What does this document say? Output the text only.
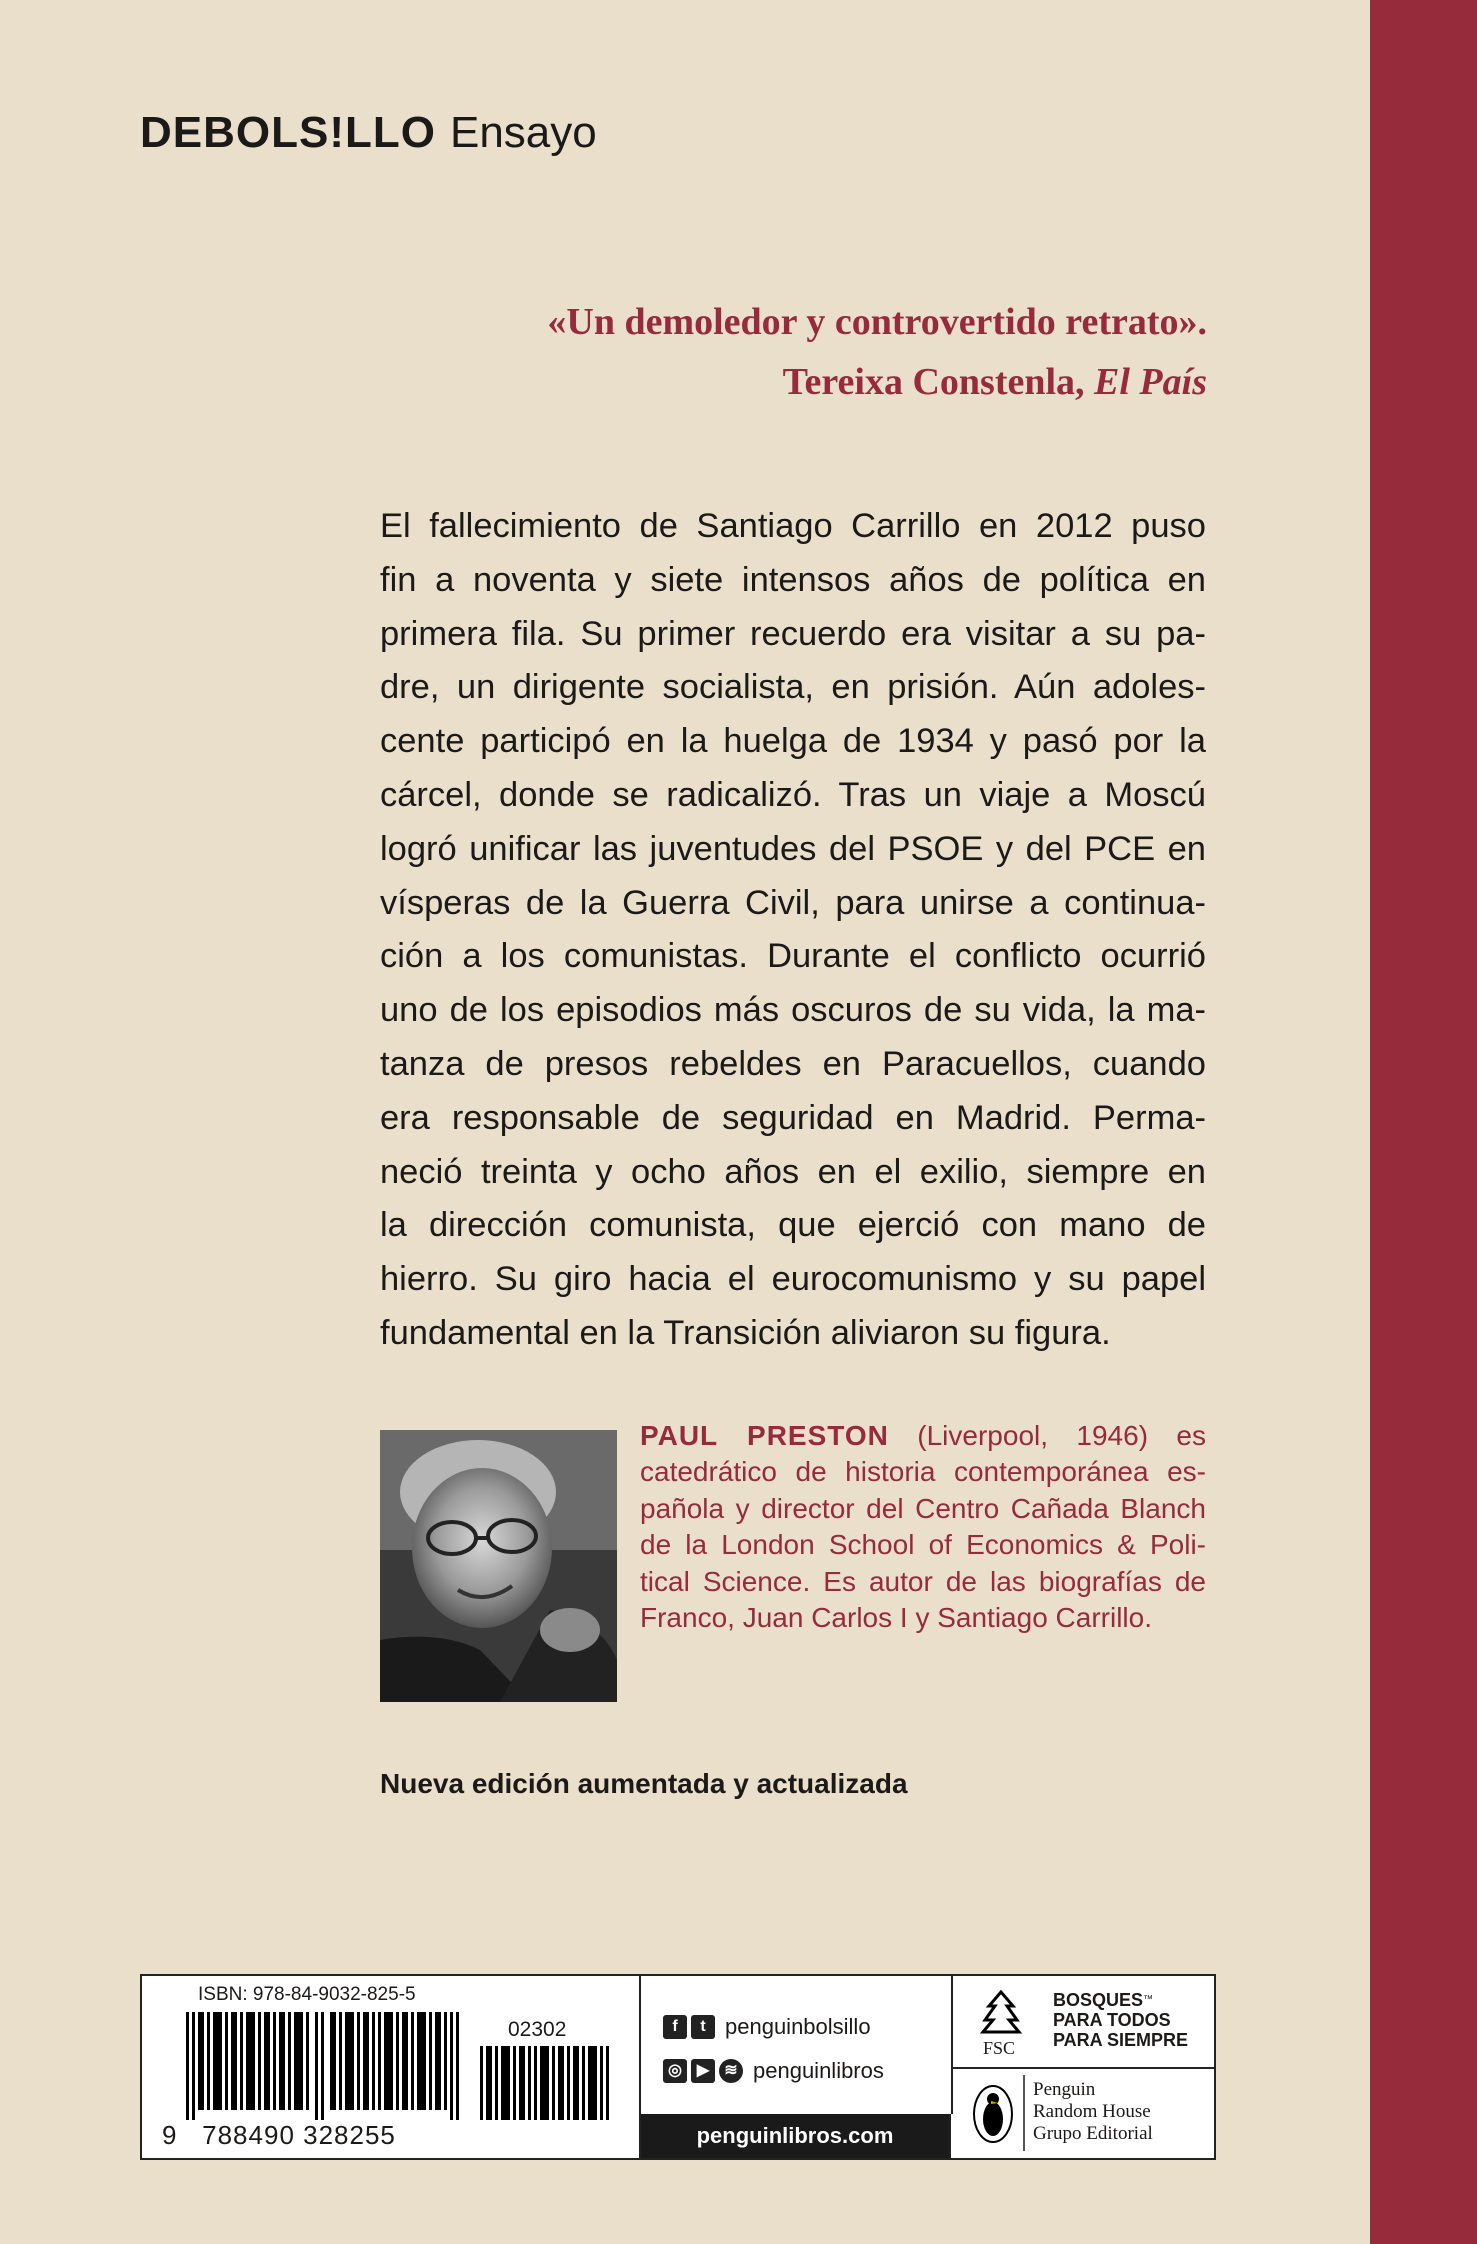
DEBOLS!LLO Ensayo
«Un demoledor y controvertido retrato».
Tereixa Constenla, El País
El fallecimiento de Santiago Carrillo en 2012 puso
fin a noventa y siete intensos años de política en
primera fila. Su primer recuerdo era visitar a su pa-
dre, un dirigente socialista, en prisión. Aún adoles-
cente participó en la huelga de 1934 y pasó por la
cárcel, donde se radicalizó. Tras un viaje a Moscú
logró unificar las juventudes del PSOE y del PCE en
vísperas de la Guerra Civil, para unirse a continua-
ción a los comunistas. Durante el conflicto ocurrió
uno de los episodios más oscuros de su vida, la ma-
tanza de presos rebeldes en Paracuellos, cuando
era responsable de seguridad en Madrid. Perma-
neció treinta y ocho años en el exilio, siempre en
la dirección comunista, que ejerció con mano de
hierro. Su giro hacia el eurocomunismo y su papel
fundamental en la Transición aliviaron su figura.
PAUL PRESTON (Liverpool, 1946) es
catedrático de historia contemporánea es-
pañola y director del Centro Cañada Blanch
de la London School of Economics & Poli-
tical Science. Es autor de las biografías de
Franco, Juan Carlos I y Santiago Carrillo.
Nueva edición aumentada y actualizada
ISBN: 978-84-9032-825-5
02302
9 788490 328255
f	t penguinbolsillo
◎ ▶ ≋ penguinlibros
penguinlibros.com
FSC
BOSQUES™
PARA TODOS
PARA SIEMPRE
Penguin
Random House
Grupo Editorial
